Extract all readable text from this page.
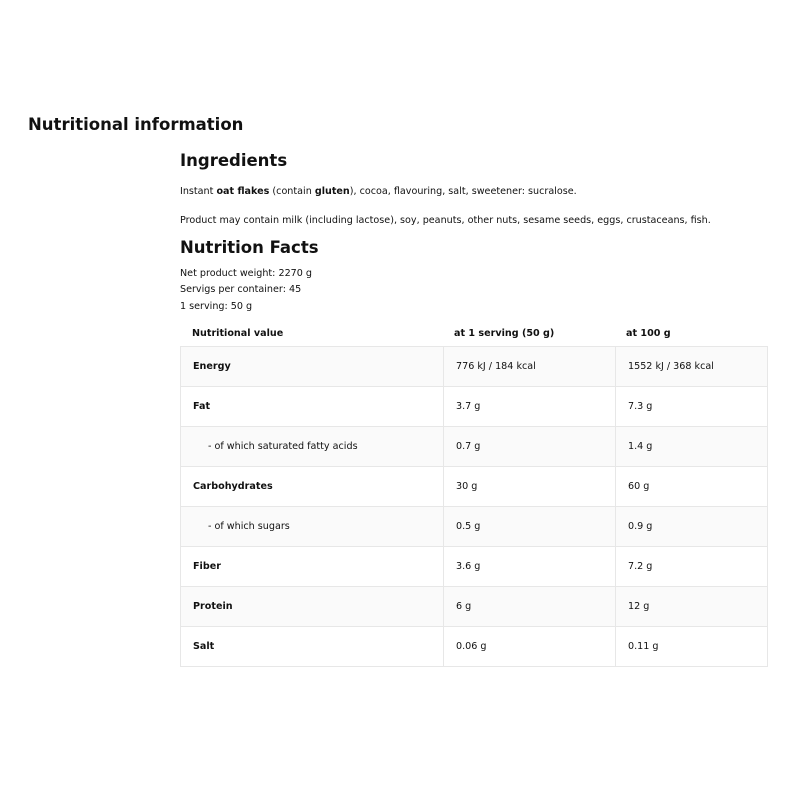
Nutritional information
Ingredients

Instant oat flakes (contain gluten), cocoa, flavouring, salt, sweetener: sucralose.

Product may contain milk (including lactose), soy, peanuts, other nuts, sesame seeds, eggs, crustaceans, fish.

Nutrition Facts
Net product weight: 2270 g
Servigs per container: 45
1 serving: 50 g
Nutritional value	at 1 serving (50 g)	at 100 g
Energy	776 kJ / 184 kcal	1552 kJ / 368 kcal
Fat	3.7 g	7.3 g
- of which saturated fatty acids	0.7 g	1.4 g
Carbohydrates	30 g	60 g
- of which sugars	0.5 g	0.9 g
Fiber	3.6 g	7.2 g
Protein	6 g	12 g
Salt	0.06 g	0.11 g
